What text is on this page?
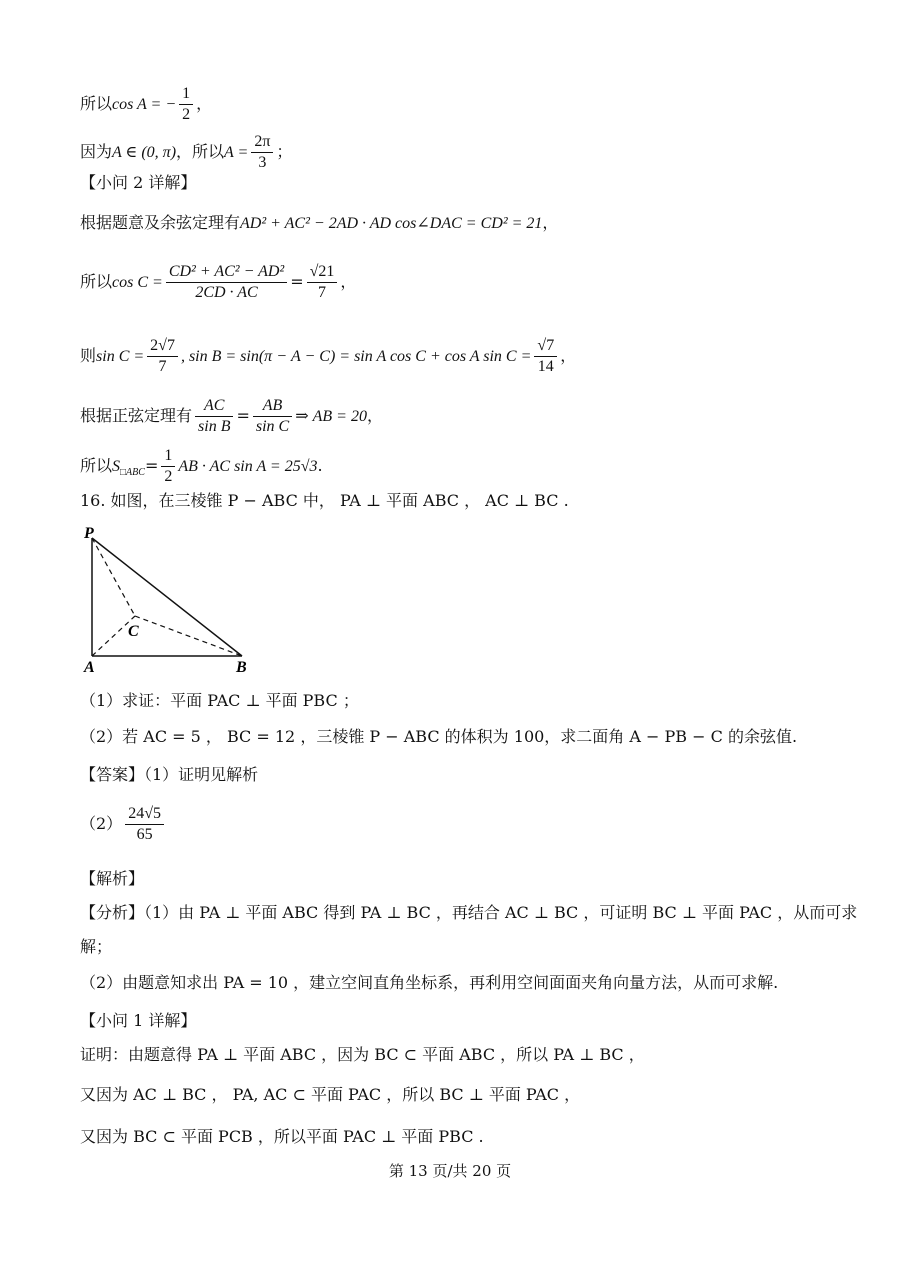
所以cos A = − $\frac{1}{2}$ ，
因为A ∈ (0, π)，所以$A = \frac{2\pi}{3}$ ；
【小问 2 详解】
根据题意及余弦定理有AD² + AC² − 2AD · AD cos∠DAC = CD² = 21，
所以$\cos C = \frac{\text{CD² + AC² − AD²}}{2CD \cdot AC} = \frac{√21}{7}$ ，
则$\sin C = \frac{2√7}{7}$ , sin B = sin(π − A − C) = sin A cos C + cos A $\sin C = \frac{√7}{14}$ ，
根据正弦定理有 $\frac{AC}{\text{sin B}} = \frac{AB}{\text{sin C}}$ ⇒ AB = 20，
所以$S_{□ABC}= \frac{1}{2}$ AB · AC sin A = 25√3.
16. 如图，在三棱锥 P − ABC 中， PA ⊥ 平面 ABC ， AC ⊥ BC .
P
A	B
C
（1）求证：平面 PAC ⊥ 平面 PBC ；
（2）若 AC = 5 ， BC = 12 ，三棱锥 P − ABC 的体积为 100，求二面角 A − PB − C 的余弦值.
【答案】（1）证明见解析
$(2) \frac{24√5}{65}$
【解析】
【分析】（1）由 PA ⊥ 平面 ABC 得到 PA ⊥ BC ，再结合 AC ⊥ BC ，可证明 BC ⊥ 平面 PAC ，从而可求
解；
（2）由题意知求出 PA = 10 ，建立空间直角坐标系，再利用空间面面夹角向量方法，从而可求解.
【小问 1 详解】
证明：由题意得 PA ⊥ 平面 ABC ，因为 BC ⊂ 平面 ABC ，所以 PA ⊥ BC ，
又因为 AC ⊥ BC ， PA, AC ⊂ 平面 PAC ，所以 BC ⊥ 平面 PAC ，
又因为 BC ⊂ 平面 PCB ，所以平面 PAC ⊥ 平面 PBC .
第 13 页/共 20 页
